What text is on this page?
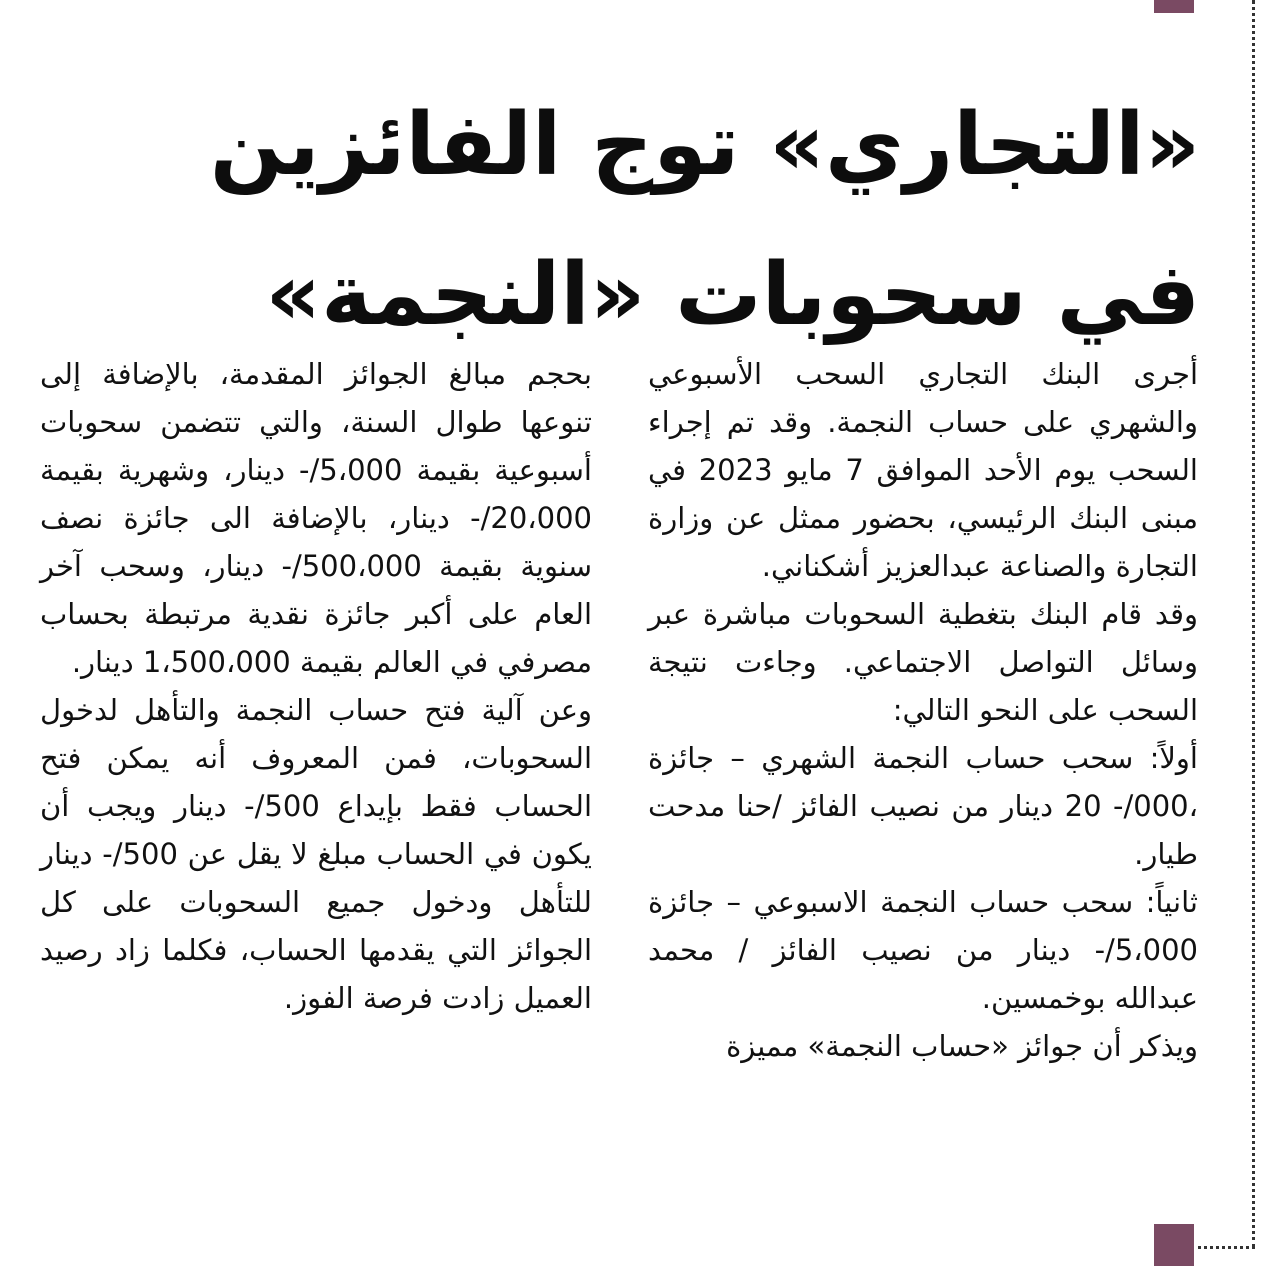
«التجاري» توج الفائزين
في سحوبات «النجمة»

أجرى البنك التجاري السحب الأسبوعي والشهري على حساب النجمة. وقد تم إجراء السحب يوم الأحد الموافق 7 مايو 2023 في مبنى البنك الرئيسي، بحضور ممثل عن وزارة التجارة والصناعة عبدالعزيز أشكناني.

وقد قام البنك بتغطية السحوبات مباشرة عبر وسائل التواصل الاجتماعي. وجاءت نتيجة السحب على النحو التالي:

أولاً: سحب حساب النجمة الشهري – جائزة ،000/- 20 دينار من نصيب الفائز /حنا مدحت طيار.

ثانياً: سحب حساب النجمة الاسبوعي – جائزة 5،000/- دينار من نصيب الفائز / محمد عبدالله بوخمسين.

ويذكر أن جوائز «حساب النجمة» مميزة

بحجم مبالغ الجوائز المقدمة، بالإضافة إلى تنوعها طوال السنة، والتي تتضمن سحوبات أسبوعية بقيمة 5،000/- دينار، وشهرية بقيمة 20،000/- دينار، بالإضافة الى جائزة نصف سنوية بقيمة 500،000/- دينار، وسحب آخر العام على أكبر جائزة نقدية مرتبطة بحساب مصرفي في العالم بقيمة 1،500،000 دينار.

وعن آلية فتح حساب النجمة والتأهل لدخول السحوبات، فمن المعروف أنه يمكن فتح الحساب فقط بإيداع 500/- دينار ويجب أن يكون في الحساب مبلغ لا يقل عن 500/- دينار للتأهل ودخول جميع السحوبات على كل الجوائز التي يقدمها الحساب، فكلما زاد رصيد العميل زادت فرصة الفوز.
